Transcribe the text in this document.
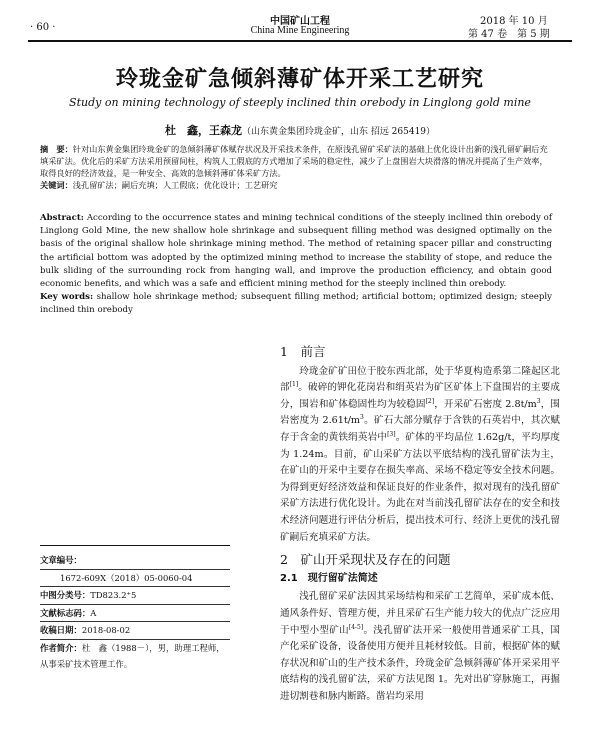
· 60 ·
中国矿山工程
China Mine Engineering
2018 年 10 月
第 47 卷　第 5 期
玲珑金矿急倾斜薄矿体开采工艺研究
Study on mining technology of steeply inclined thin orebody in Linglong gold mine
杜　鑫，王森龙（山东黄金集团玲珑金矿，山东 招远 265419）
摘　要：针对山东黄金集团玲珑金矿的急倾斜薄矿体赋存状况及开采技术条件，在原浅孔留矿采矿法的基础上优化设计出新的浅孔留矿嗣后充填采矿法。优化后的采矿方法采用预留间柱，构筑人工假底的方式增加了采场的稳定性，减少了上盘围岩大块滑落的情况并提高了生产效率，取得良好的经济效益，是一种安全、高效的急倾斜薄矿体采矿方法。
关键词：浅孔留矿法；嗣后充填；人工假底；优化设计；工艺研究
Abstract: According to the occurrence states and mining technical conditions of the steeply inclined thin orebody of Linglong Gold Mine, the new shallow hole shrinkage and subsequent filling method was designed optimally on the basis of the original shallow hole shrinkage mining method. The method of retaining spacer pillar and constructing the artificial bottom was adopted by the optimized mining method to increase the stability of stope, and reduce the bulk sliding of the surrounding rock from hanging wall, and improve the production efficiency, and obtain good economic benefits, and which was a safe and efficient mining method for the steeply inclined thin orebody.
Key words: shallow hole shrinkage method; subsequent filling method; artificial bottom; optimized design; steeply inclined thin orebody
1　前言

玲珑金矿矿田位于胶东西北部，处于华夏构造系第二隆起区北部[1]。破碎的钾化花岗岩和绢英岩为矿区矿体上下盘围岩的主要成分，围岩和矿体稳固性均为较稳固[2]，开采矿石密度 $2.8t/m^3$，围岩密度为 $2.61t/m^3$。矿石大部分赋存于含铁的石英岩中，其次赋存于含金的黄铁绢英岩中[3]。矿体的平均品位 1.62g/t，平均厚度为 1.24m。目前，矿山采矿方法以平底结构的浅孔留矿法为主，在矿山的开采中主要存在损失率高、采场不稳定等安全技术问题。为得到更好经济效益和保证良好的作业条件，拟对现有的浅孔留矿采矿方法进行优化设计。为此在对当前浅孔留矿法存在的安全和技术经济问题进行评估分析后，提出技术可行、经济上更优的浅孔留矿嗣后充填采矿方法。

2　矿山开采现状及存在的问题
2.1　现行留矿法简述

浅孔留矿采矿法因其采场结构和采矿工艺简单，采矿成本低、通风条件好、管理方便，并且采矿石生产能力较大的优点广泛应用于中型小型矿山[4-5]。浅孔留矿法开采一般使用普通采矿工具，国产化采矿设备，设备使用方便并且耗材较低。目前，根据矿体的赋存状况和矿山的生产技术条件，玲珑金矿急倾斜薄矿体开采采用平底结构的浅孔留矿法，采矿方法见图 1。先对出矿穿脉施工，再掘进切割巷和脉内断路。凿岩均采用

文章编号：
1672-609X（2018）05-0060-04
中图分类号：TD823.2⁺5
文献标志码：A
收稿日期：2018-08-02
作者简介：杜　鑫（1988－），男，助理工程师，从事采矿技术管理工作。
